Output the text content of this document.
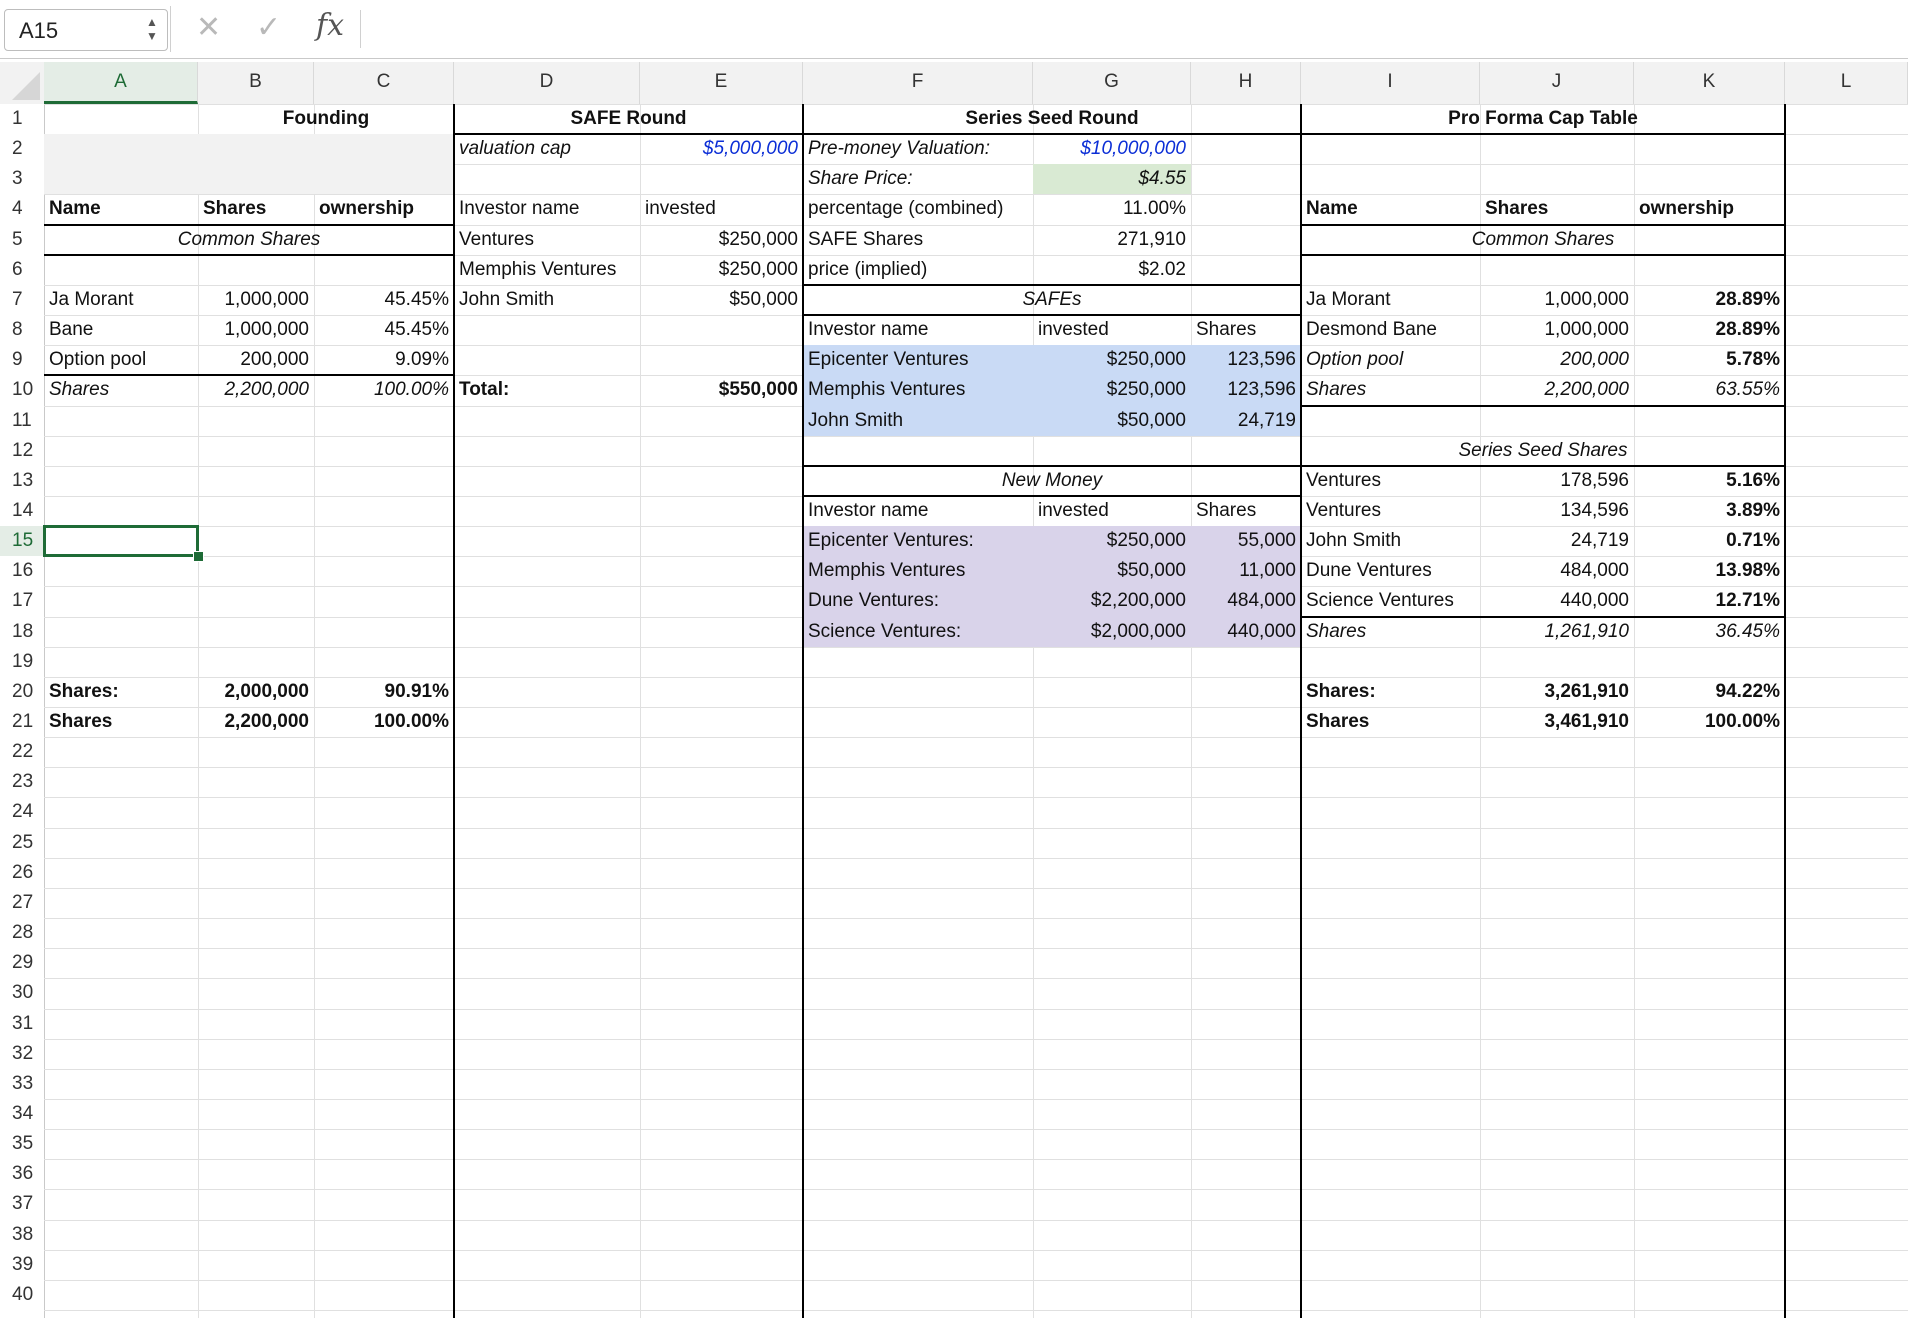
A15	▲
▼ ✕ ✓ fx
A	B	C	D	E	F	G	H	I	J	K	L
1
2
3
4
5
6
7
8
9
10
11
12
13
14
15
16
17
18
19
20
21
22
23
24
25
26
27
28
29
30
31
32
33
34
35
36
37
38
39
40
Founding
Name	Shares	ownership
Common Shares
Ja Morant	1,000,000	45.45%
Bane	1,000,000	45.45%
Option pool	200,000	9.09%
Shares	2,200,000	100.00%
Shares:	2,000,000	90.91%
Shares	2,200,000	100.00%
SAFE Round
valuation cap	$5,000,000
Investor name	invested
Ventures	$250,000
Memphis Ventures	$250,000
John Smith	$50,000
Total:	$550,000
Series Seed Round
Pre-money Valuation:	$10,000,000
Share Price:	$4.55
percentage (combined)	11.00%
SAFE Shares	271,910
price (implied)	$2.02
SAFEs
Investor name	invested	Shares
Epicenter Ventures	$250,000	123,596
Memphis Ventures	$250,000	123,596
John Smith	$50,000	24,719
New Money
Investor name	invested	Shares
Epicenter Ventures:	$250,000	55,000
Memphis Ventures	$50,000	11,000
Dune Ventures:	$2,200,000	484,000
Science Ventures:	$2,000,000	440,000
Pro Forma Cap Table
Name	Shares	ownership
Common Shares
Ja Morant	1,000,000	28.89%
Desmond Bane	1,000,000	28.89%
Option pool	200,000	5.78%
Shares	2,200,000	63.55%
Series Seed Shares
Ventures	178,596	5.16%
Ventures	134,596	3.89%
John Smith	24,719	0.71%
Dune Ventures	484,000	13.98%
Science Ventures	440,000	12.71%
Shares	1,261,910	36.45%
Shares:	3,261,910	94.22%
Shares	3,461,910	100.00%
